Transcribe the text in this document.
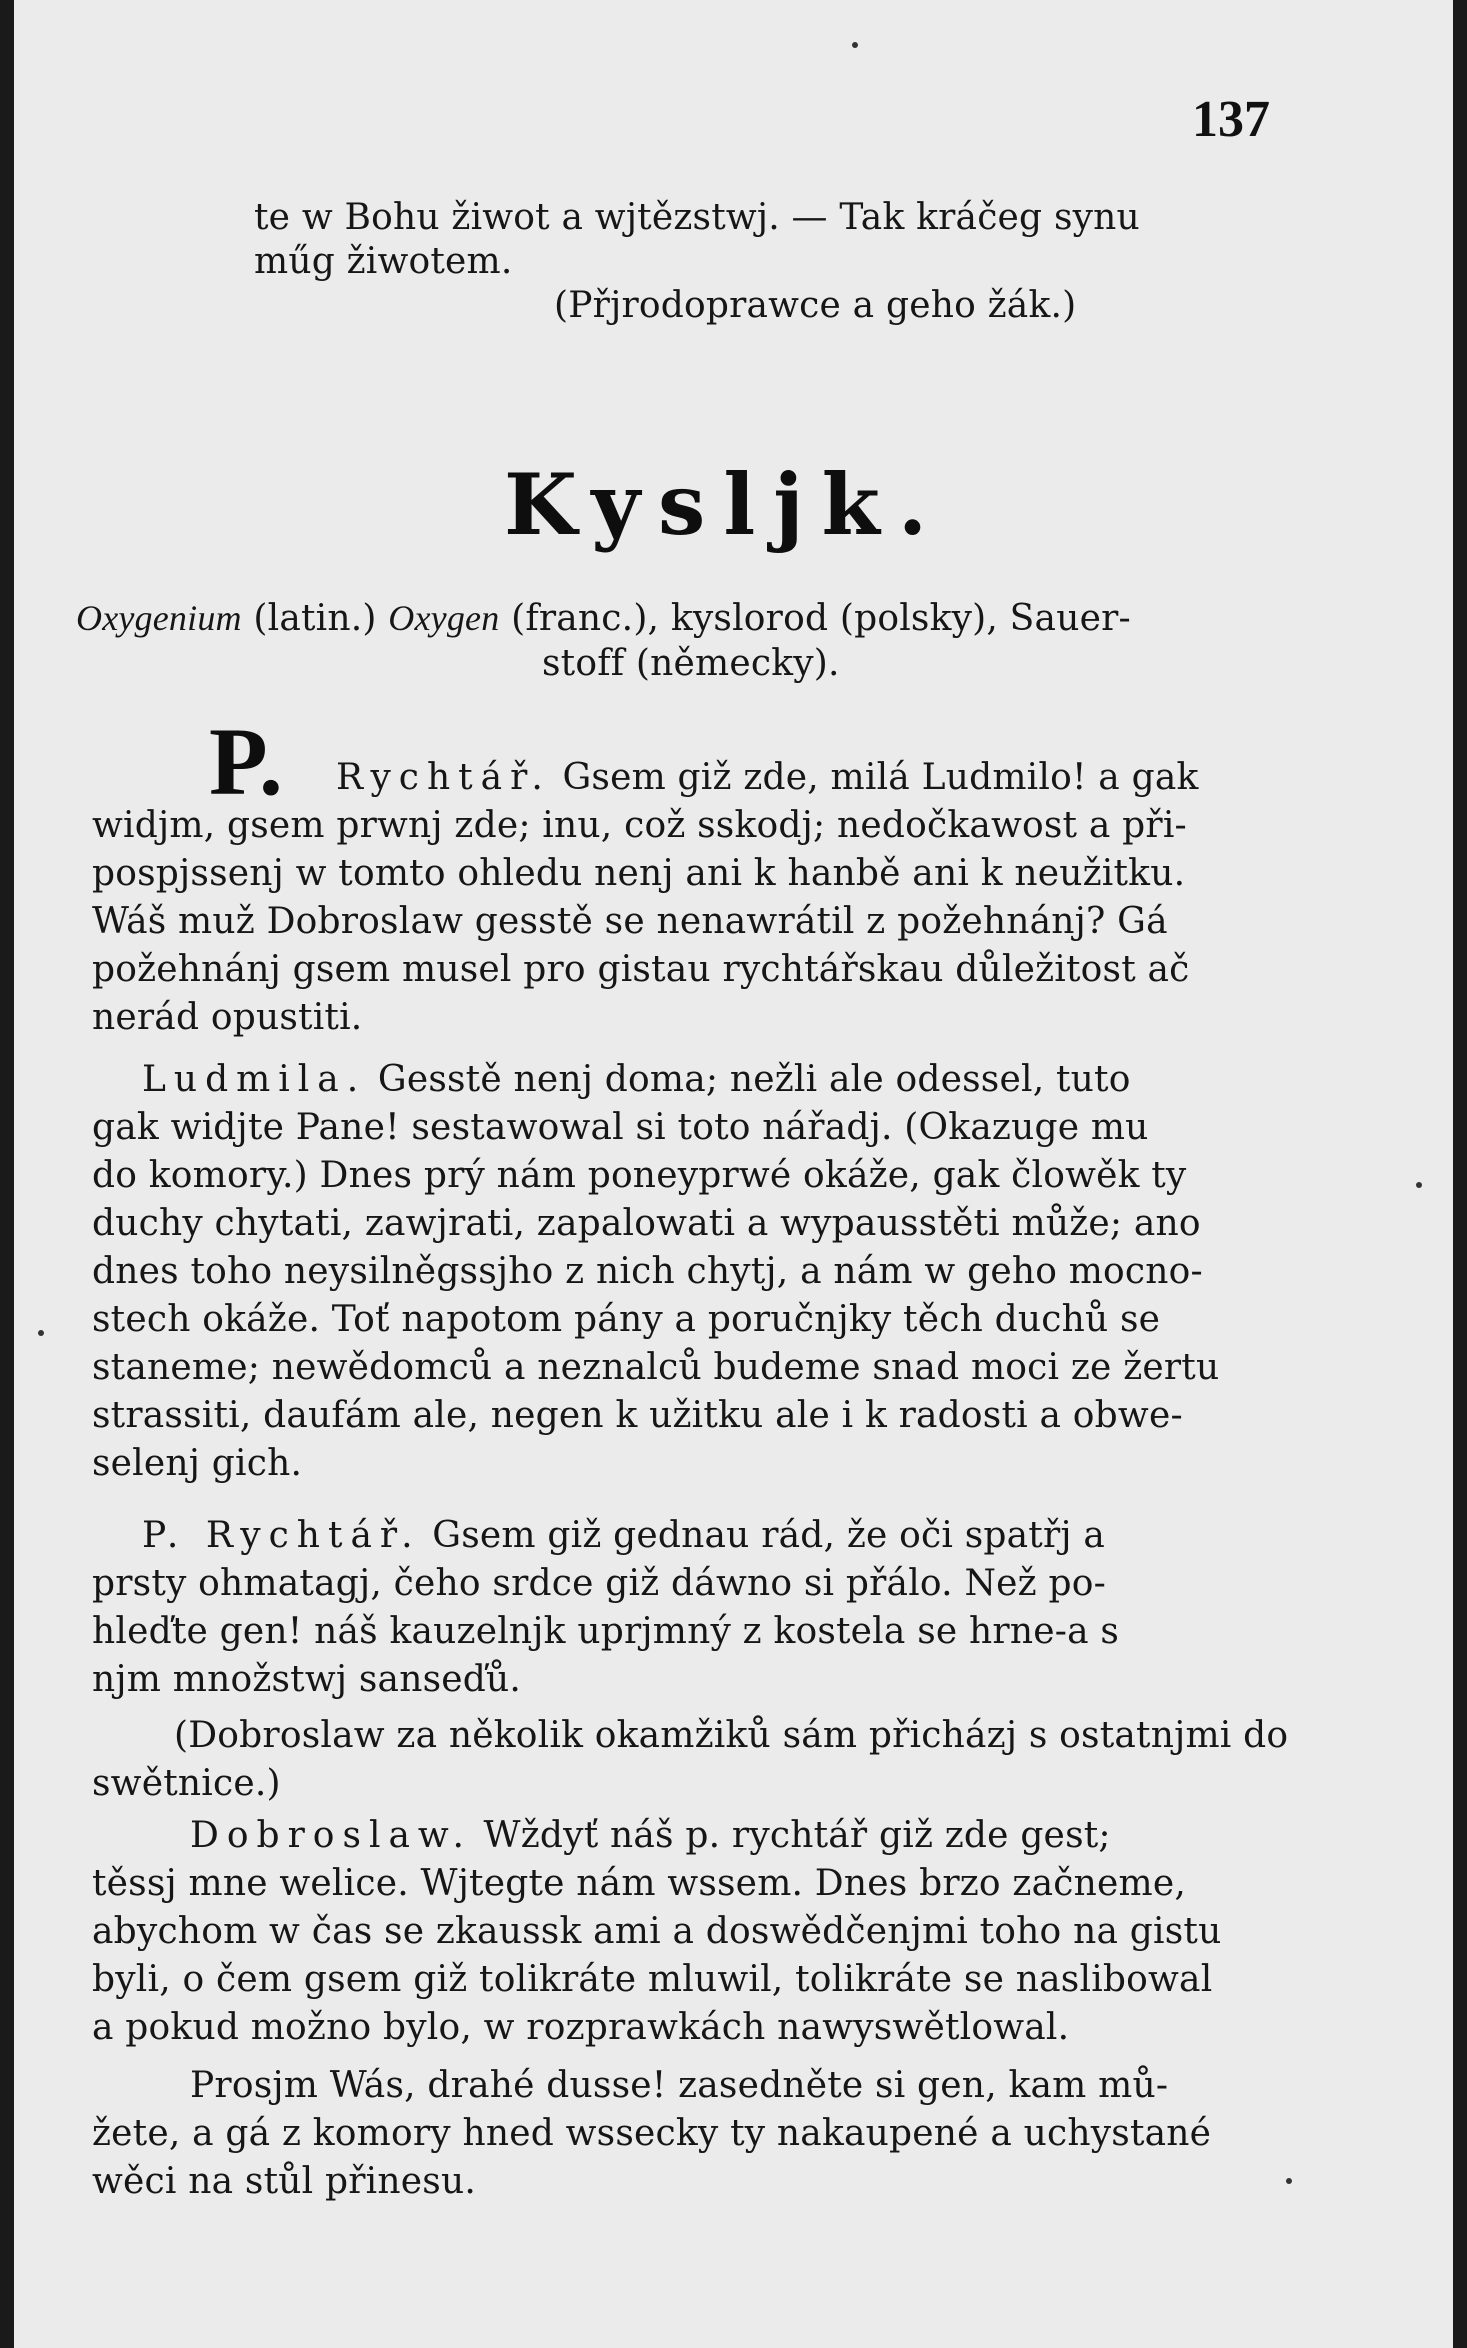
137
te w Bohu žiwot a wjtězstwj. — Tak kráčeg synu
műg žiwotem.
(Přjrodoprawce a geho žák.)
Kysljk.
Oxygenium (latin.) Oxygen (franc.), kyslorod (polsky), Sauer-
stoff (německy).
P. Rychtář. Gsem giž zde, milá Ludmilo! a gak
widjm, gsem prwnj zde; inu, což sskodj; nedočkawost a při-
pospjssenj w tomto ohledu nenj ani k hanbě ani k neužitku.
Wáš muž Dobroslaw gesstě se nenawrátil z požehnánj? Gá
požehnánj gsem musel pro gistau rychtářskau důležitost ač
nerád opustiti.
Ludmila. Gesstě nenj doma; nežli ale odessel, tuto
gak widjte Pane! sestawowal si toto nářadj. (Okazuge mu
do komory.) Dnes prý nám poneyprwé okáže, gak člowěk ty
duchy chytati, zawjrati, zapalowati a wypausstěti může; ano
dnes toho neysilněgssjho z nich chytj, a nám w geho mocno-
stech okáže. Toť napotom pány a poručnjky těch duchů se
staneme; newědomců a neznalců budeme snad moci ze žertu
strassiti, daufám ale, negen k užitku ale i k radosti a obwe-
selenj gich.
P. Rychtář. Gsem giž gednau rád, že oči spatřj a
prsty ohmatagj, čeho srdce giž dáwno si přálo. Než po-
hleďte gen! náš kauzelnjk uprjmný z kostela se hrne-a s
njm množstwj sanseďů.
(Dobroslaw za několik okamžiků sám přicházj s ostatnjmi do
swětnice.)
Dobroslaw. Wždyť náš p. rychtář giž zde gest;
těssj mne welice. Wjtegte nám wssem. Dnes brzo začneme,
abychom w čas se zkaussk ami a doswědčenjmi toho na gistu
byli, o čem gsem giž tolikráte mluwil, tolikráte se naslibowal
a pokud možno bylo, w rozprawkách nawyswětlowal.
Prosjm Wás, drahé dusse! zasedněte si gen, kam mů-
žete, a gá z komory hned wssecky ty nakaupené a uchystané
wěci na stůl přinesu.
